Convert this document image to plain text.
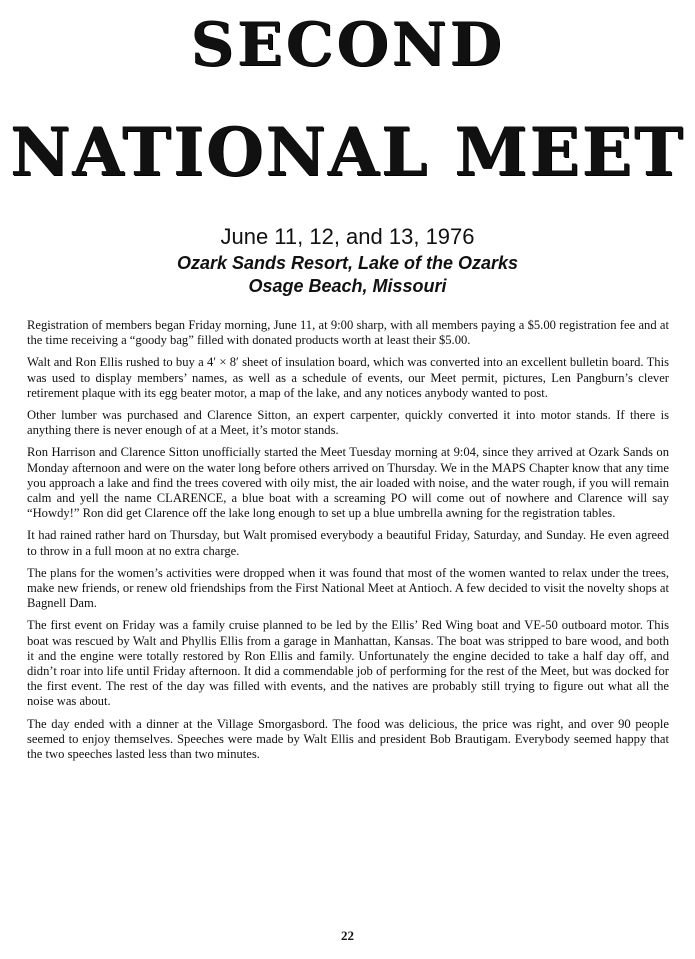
SECOND
NATIONAL MEET
June 11, 12, and 13, 1976
Ozark Sands Resort, Lake of the Ozarks
Osage Beach, Missouri

Registration of members began Friday morning, June 11, at 9:00 sharp, with all members paying a $5.00 registration fee and at the time receiving a “goody bag” filled with donated products worth at least their $5.00.

Walt and Ron Ellis rushed to buy a 4′ × 8′ sheet of insulation board, which was converted into an excellent bulletin board. This was used to display members’ names, as well as a schedule of events, our Meet permit, pictures, Len Pangburn’s clever retirement plaque with its egg beater motor, a map of the lake, and any notices anybody wanted to post.

Other lumber was purchased and Clarence Sitton, an expert carpenter, quickly converted it into motor stands. If there is anything there is never enough of at a Meet, it’s motor stands.

Ron Harrison and Clarence Sitton unofficially started the Meet Tuesday morning at 9:04, since they arrived at Ozark Sands on Monday afternoon and were on the water long before others arrived on Thursday. We in the MAPS Chapter know that any time you approach a lake and find the trees covered with oily mist, the air loaded with noise, and the water rough, if you will remain calm and yell the name CLARENCE, a blue boat with a screaming PO will come out of nowhere and Clarence will say “Howdy!” Ron did get Clarence off the lake long enough to set up a blue umbrella awning for the registration tables.

It had rained rather hard on Thursday, but Walt promised everybody a beautiful Friday, Saturday, and Sunday. He even agreed to throw in a full moon at no extra charge.

The plans for the women’s activities were dropped when it was found that most of the women wanted to relax under the trees, make new friends, or renew old friendships from the First National Meet at Antioch. A few decided to visit the novelty shops at Bagnell Dam.

The first event on Friday was a family cruise planned to be led by the Ellis’ Red Wing boat and VE-50 outboard motor. This boat was rescued by Walt and Phyllis Ellis from a garage in Manhattan, Kansas. The boat was stripped to bare wood, and both it and the engine were totally restored by Ron Ellis and family. Unfortunately the engine decided to take a half day off, and didn’t roar into life until Friday afternoon. It did a commendable job of performing for the rest of the Meet, but was docked for the first event. The rest of the day was filled with events, and the natives are probably still trying to figure out what all the noise was about.

The day ended with a dinner at the Village Smorgasbord. The food was delicious, the price was right, and over 90 people seemed to enjoy themselves. Speeches were made by Walt Ellis and president Bob Brautigam. Everybody seemed happy that the two speeches lasted less than two minutes.

22
